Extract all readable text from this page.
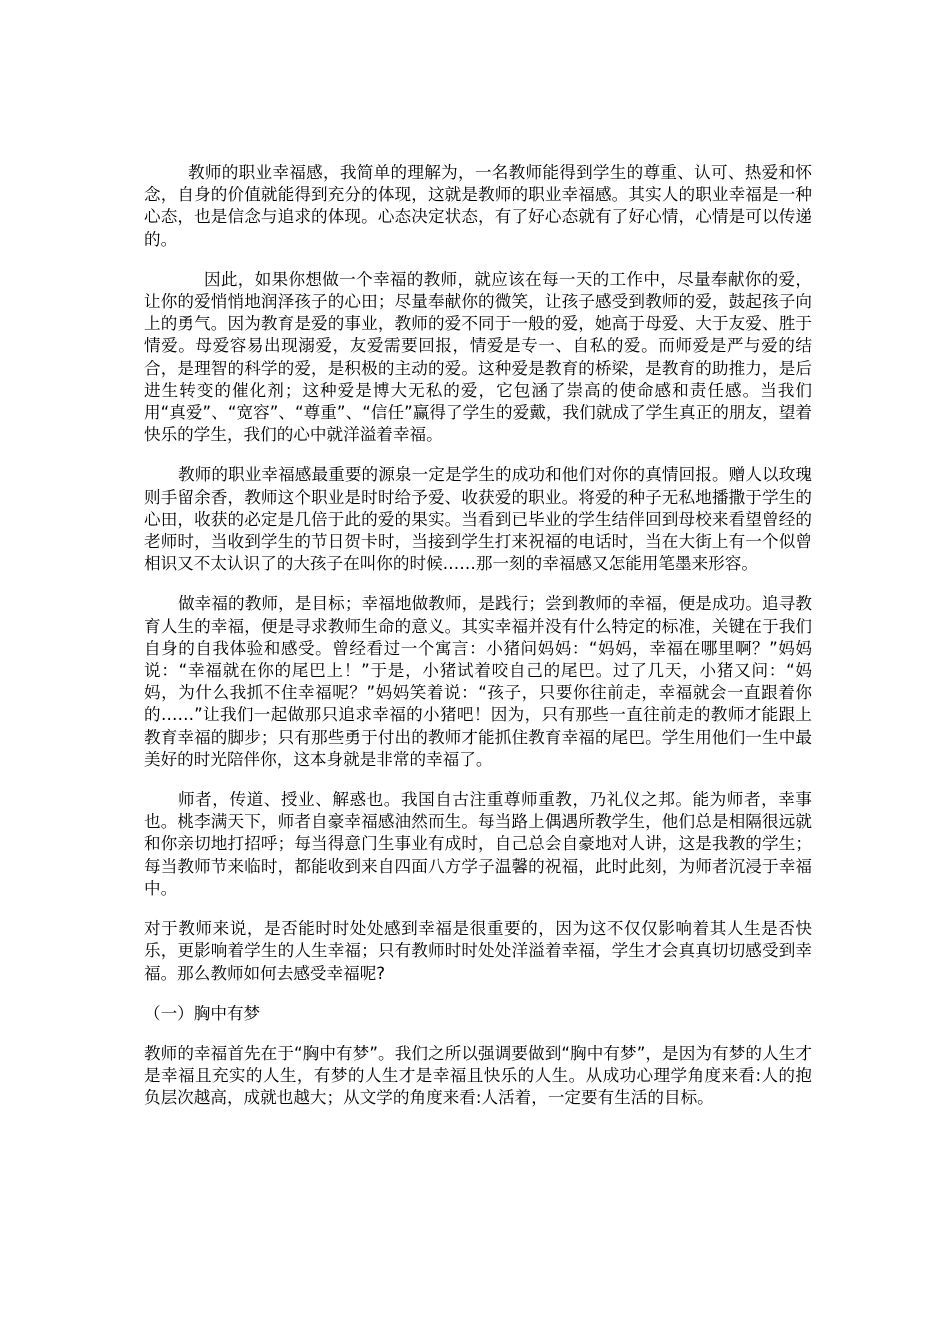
教师的职业幸福感，我简单的理解为，一名教师能得到学生的尊重、认可、热爱和怀念，自身的价值就能得到充分的体现，这就是教师的职业幸福感。其实人的职业幸福是一种心态，也是信念与追求的体现。心态决定状态，有了好心态就有了好心情，心情是可以传递的。

因此，如果你想做一个幸福的教师，就应该在每一天的工作中，尽量奉献你的爱，让你的爱悄悄地润泽孩子的心田；尽量奉献你的微笑，让孩子感受到教师的爱，鼓起孩子向上的勇气。因为教育是爱的事业，教师的爱不同于一般的爱，她高于母爱、大于友爱、胜于情爱。母爱容易出现溺爱，友爱需要回报，情爱是专一、自私的爱。而师爱是严与爱的结合，是理智的科学的爱，是积极的主动的爱。这种爱是教育的桥梁，是教育的助推力，是后进生转变的催化剂；这种爱是博大无私的爱，它包涵了崇高的使命感和责任感。当我们用“真爱”、“宽容”、“尊重”、“信任”赢得了学生的爱戴，我们就成了学生真正的朋友，望着快乐的学生，我们的心中就洋溢着幸福。

教师的职业幸福感最重要的源泉一定是学生的成功和他们对你的真情回报。赠人以玫瑰则手留余香，教师这个职业是时时给予爱、收获爱的职业。将爱的种子无私地播撒于学生的心田，收获的必定是几倍于此的爱的果实。当看到已毕业的学生结伴回到母校来看望曾经的老师时，当收到学生的节日贺卡时，当接到学生打来祝福的电话时，当在大街上有一个似曾相识又不太认识了的大孩子在叫你的时候……那一刻的幸福感又怎能用笔墨来形容。

做幸福的教师，是目标；幸福地做教师，是践行；尝到教师的幸福，便是成功。追寻教育人生的幸福，便是寻求教师生命的意义。其实幸福并没有什么特定的标准，关键在于我们自身的自我体验和感受。曾经看过一个寓言：小猪问妈妈：“妈妈，幸福在哪里啊？”妈妈说：“幸福就在你的尾巴上！”于是，小猪试着咬自己的尾巴。过了几天，小猪又问：“妈妈，为什么我抓不住幸福呢？”妈妈笑着说：“孩子，只要你往前走，幸福就会一直跟着你的……”让我们一起做那只追求幸福的小猪吧！因为，只有那些一直往前走的教师才能跟上教育幸福的脚步；只有那些勇于付出的教师才能抓住教育幸福的尾巴。学生用他们一生中最美好的时光陪伴你，这本身就是非常的幸福了。

师者，传道、授业、解惑也。我国自古注重尊师重教，乃礼仪之邦。能为师者，幸事也。桃李满天下，师者自豪幸福感油然而生。每当路上偶遇所教学生，他们总是相隔很远就和你亲切地打招呼；每当得意门生事业有成时，自己总会自豪地对人讲，这是我教的学生；每当教师节来临时，都能收到来自四面八方学子温馨的祝福，此时此刻，为师者沉浸于幸福中。

对于教师来说，是否能时时处处感到幸福是很重要的，因为这不仅仅影响着其人生是否快乐，更影响着学生的人生幸福；只有教师时时处处洋溢着幸福，学生才会真真切切感受到幸福。那么教师如何去感受幸福呢?

（一）胸中有梦

教师的幸福首先在于“胸中有梦”。我们之所以强调要做到“胸中有梦”，是因为有梦的人生才是幸福且充实的人生，有梦的人生才是幸福且快乐的人生。从成功心理学角度来看:人的抱负层次越高，成就也越大；从文学的角度来看:人活着，一定要有生活的目标。
